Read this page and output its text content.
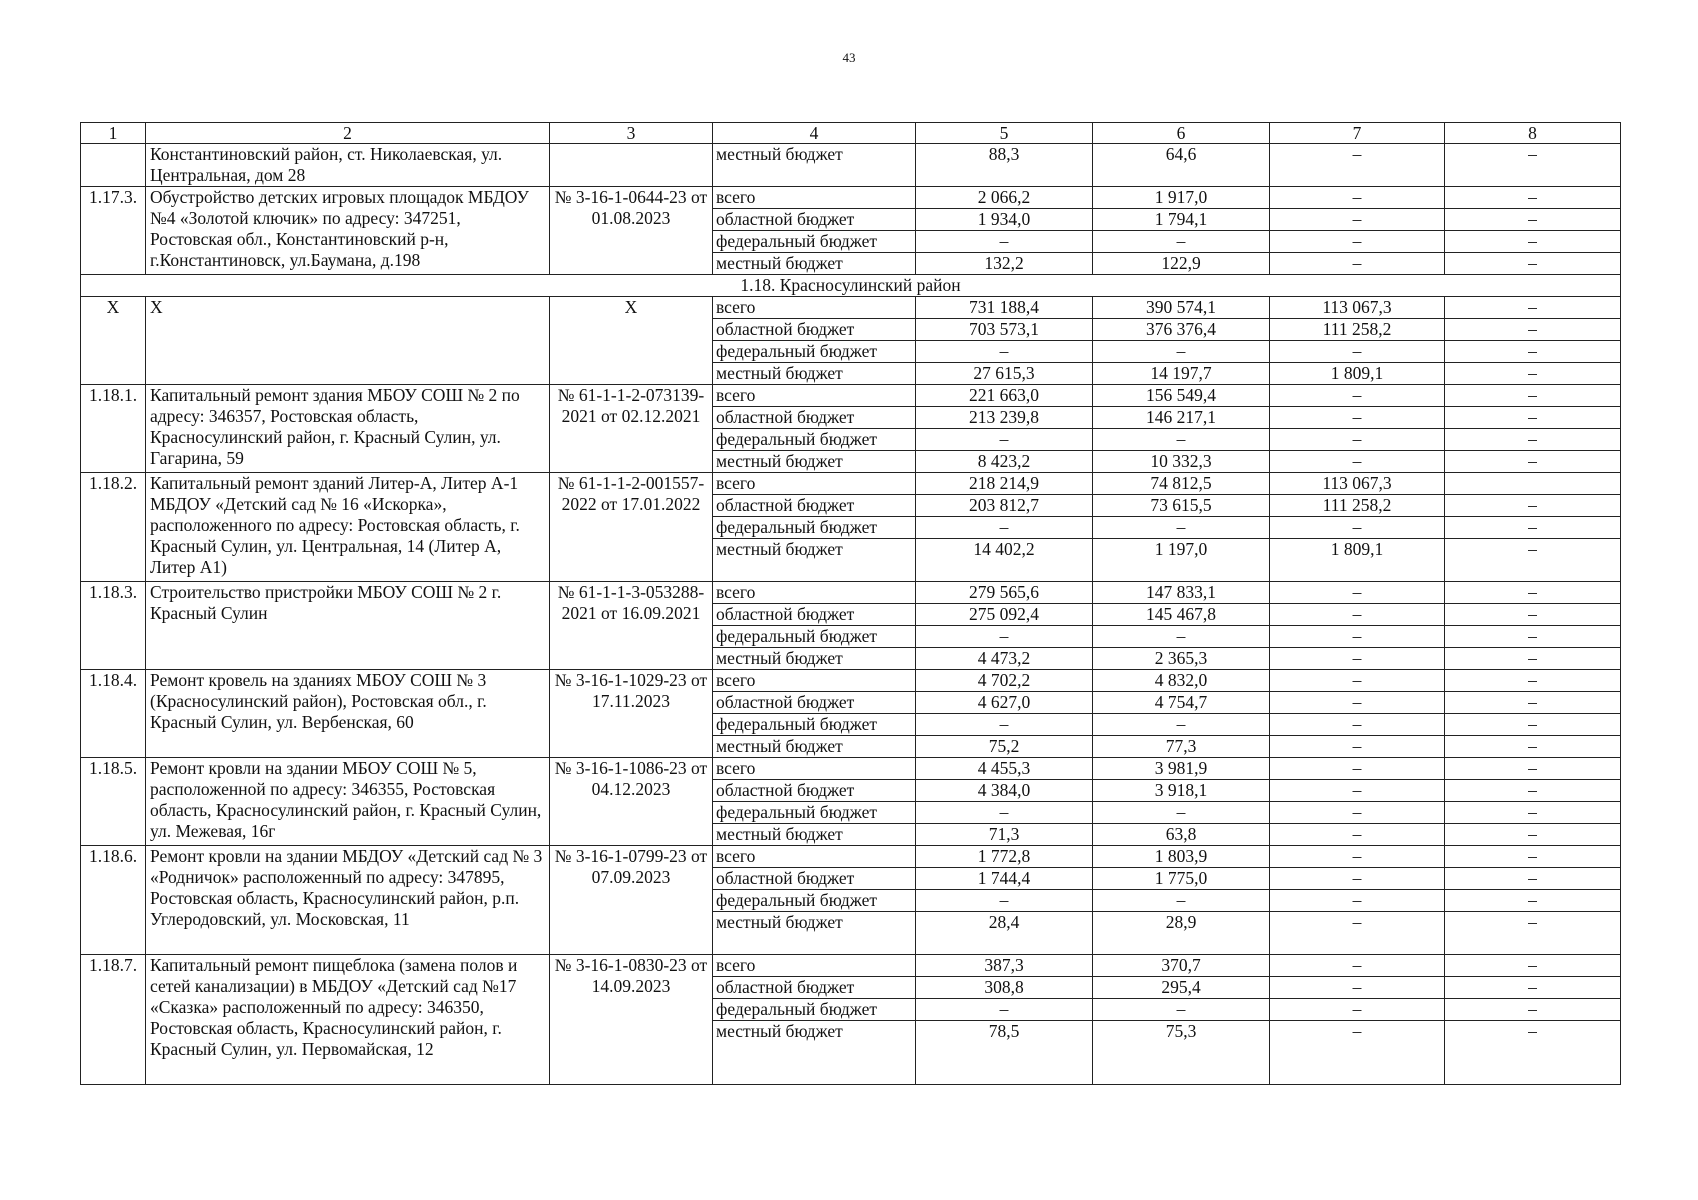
43
1	2	3	4	5	6	7	8
	Константиновский район, ст. Николаевская, ул. Центральная, дом 28		местный бюджет	88,3	64,6	–	–
1.17.3.	Обустройство детских игровых площадок МБДОУ №4 «Золотой ключик» по адресу: 347251, Ростовская обл., Константиновский р-н, г.Константиновск, ул.Баумана, д.198	№ 3-16-1-0644-23 от 01.08.2023	всего	2 066,2	1 917,0	–	–
			областной бюджет	1 934,0	1 794,1	–	–
			федеральный бюджет	–	–	–	–
			местный бюджет	132,2	122,9	–	–
1.18. Красносулинский район							
X	X	X	всего	731 188,4	390 574,1	113 067,3	–
			областной бюджет	703 573,1	376 376,4	111 258,2	–
			федеральный бюджет	–	–	–	–
			местный бюджет	27 615,3	14 197,7	1 809,1	–
1.18.1.	Капитальный ремонт здания МБОУ СОШ № 2 по адресу: 346357, Ростовская область, Красносулинский район, г. Красный Сулин, ул. Гагарина, 59	№ 61-1-1-2-073139-2021 от 02.12.2021	всего	221 663,0	156 549,4	–	–
			областной бюджет	213 239,8	146 217,1	–	–
			федеральный бюджет	–	–	–	–
			местный бюджет	8 423,2	10 332,3	–	–
1.18.2.	Капитальный ремонт зданий Литер-А, Литер А-1 МБДОУ «Детский сад № 16 «Искорка», расположенного по адресу: Ростовская область, г. Красный Сулин, ул. Центральная, 14 (Литер А, Литер А1)	№ 61-1-1-2-001557-2022 от 17.01.2022	всего	218 214,9	74 812,5	113 067,3	
			областной бюджет	203 812,7	73 615,5	111 258,2	–
			федеральный бюджет	–	–	–	–
			местный бюджет	14 402,2	1 197,0	1 809,1	–
1.18.3.	Строительство пристройки МБОУ СОШ № 2 г. Красный Сулин	№ 61-1-1-3-053288-2021 от 16.09.2021	всего	279 565,6	147 833,1	–	–
			областной бюджет	275 092,4	145 467,8	–	–
			федеральный бюджет	–	–	–	–
			местный бюджет	4 473,2	2 365,3	–	–
1.18.4.	Ремонт кровель на зданиях МБОУ СОШ № 3 (Красносулинский район), Ростовская обл., г. Красный Сулин, ул. Вербенская, 60	№ 3-16-1-1029-23 от 17.11.2023	всего	4 702,2	4 832,0	–	–
			областной бюджет	4 627,0	4 754,7	–	–
			федеральный бюджет	–	–	–	–
			местный бюджет	75,2	77,3	–	–
1.18.5.	Ремонт кровли на здании МБОУ СОШ № 5, расположенной по адресу: 346355, Ростовская область, Красносулинский район, г. Красный Сулин, ул. Межевая, 16г	№ 3-16-1-1086-23 от 04.12.2023	всего	4 455,3	3 981,9	–	–
			областной бюджет	4 384,0	3 918,1	–	–
			федеральный бюджет	–	–	–	–
			местный бюджет	71,3	63,8	–	–
1.18.6.	Ремонт кровли на здании МБДОУ «Детский сад № 3 «Родничок» расположенный по адресу: 347895, Ростовская область, Красносулинский район, р.п. Углеродовский, ул. Московская, 11	№ 3-16-1-0799-23 от 07.09.2023	всего	1 772,8	1 803,9	–	–
			областной бюджет	1 744,4	1 775,0	–	–
			федеральный бюджет	–	–	–	–
			местный бюджет	28,4	28,9	–	–
1.18.7.	Капитальный ремонт пищеблока (замена полов и сетей канализации) в МБДОУ «Детский сад №17 «Сказка» расположенный по адресу: 346350, Ростовская область, Красносулинский район, г. Красный Сулин, ул. Первомайская, 12	№ 3-16-1-0830-23 от 14.09.2023	всего	387,3	370,7	–	–
			областной бюджет	308,8	295,4	–	–
			федеральный бюджет	–	–	–	–
			местный бюджет	78,5	75,3	–	–
